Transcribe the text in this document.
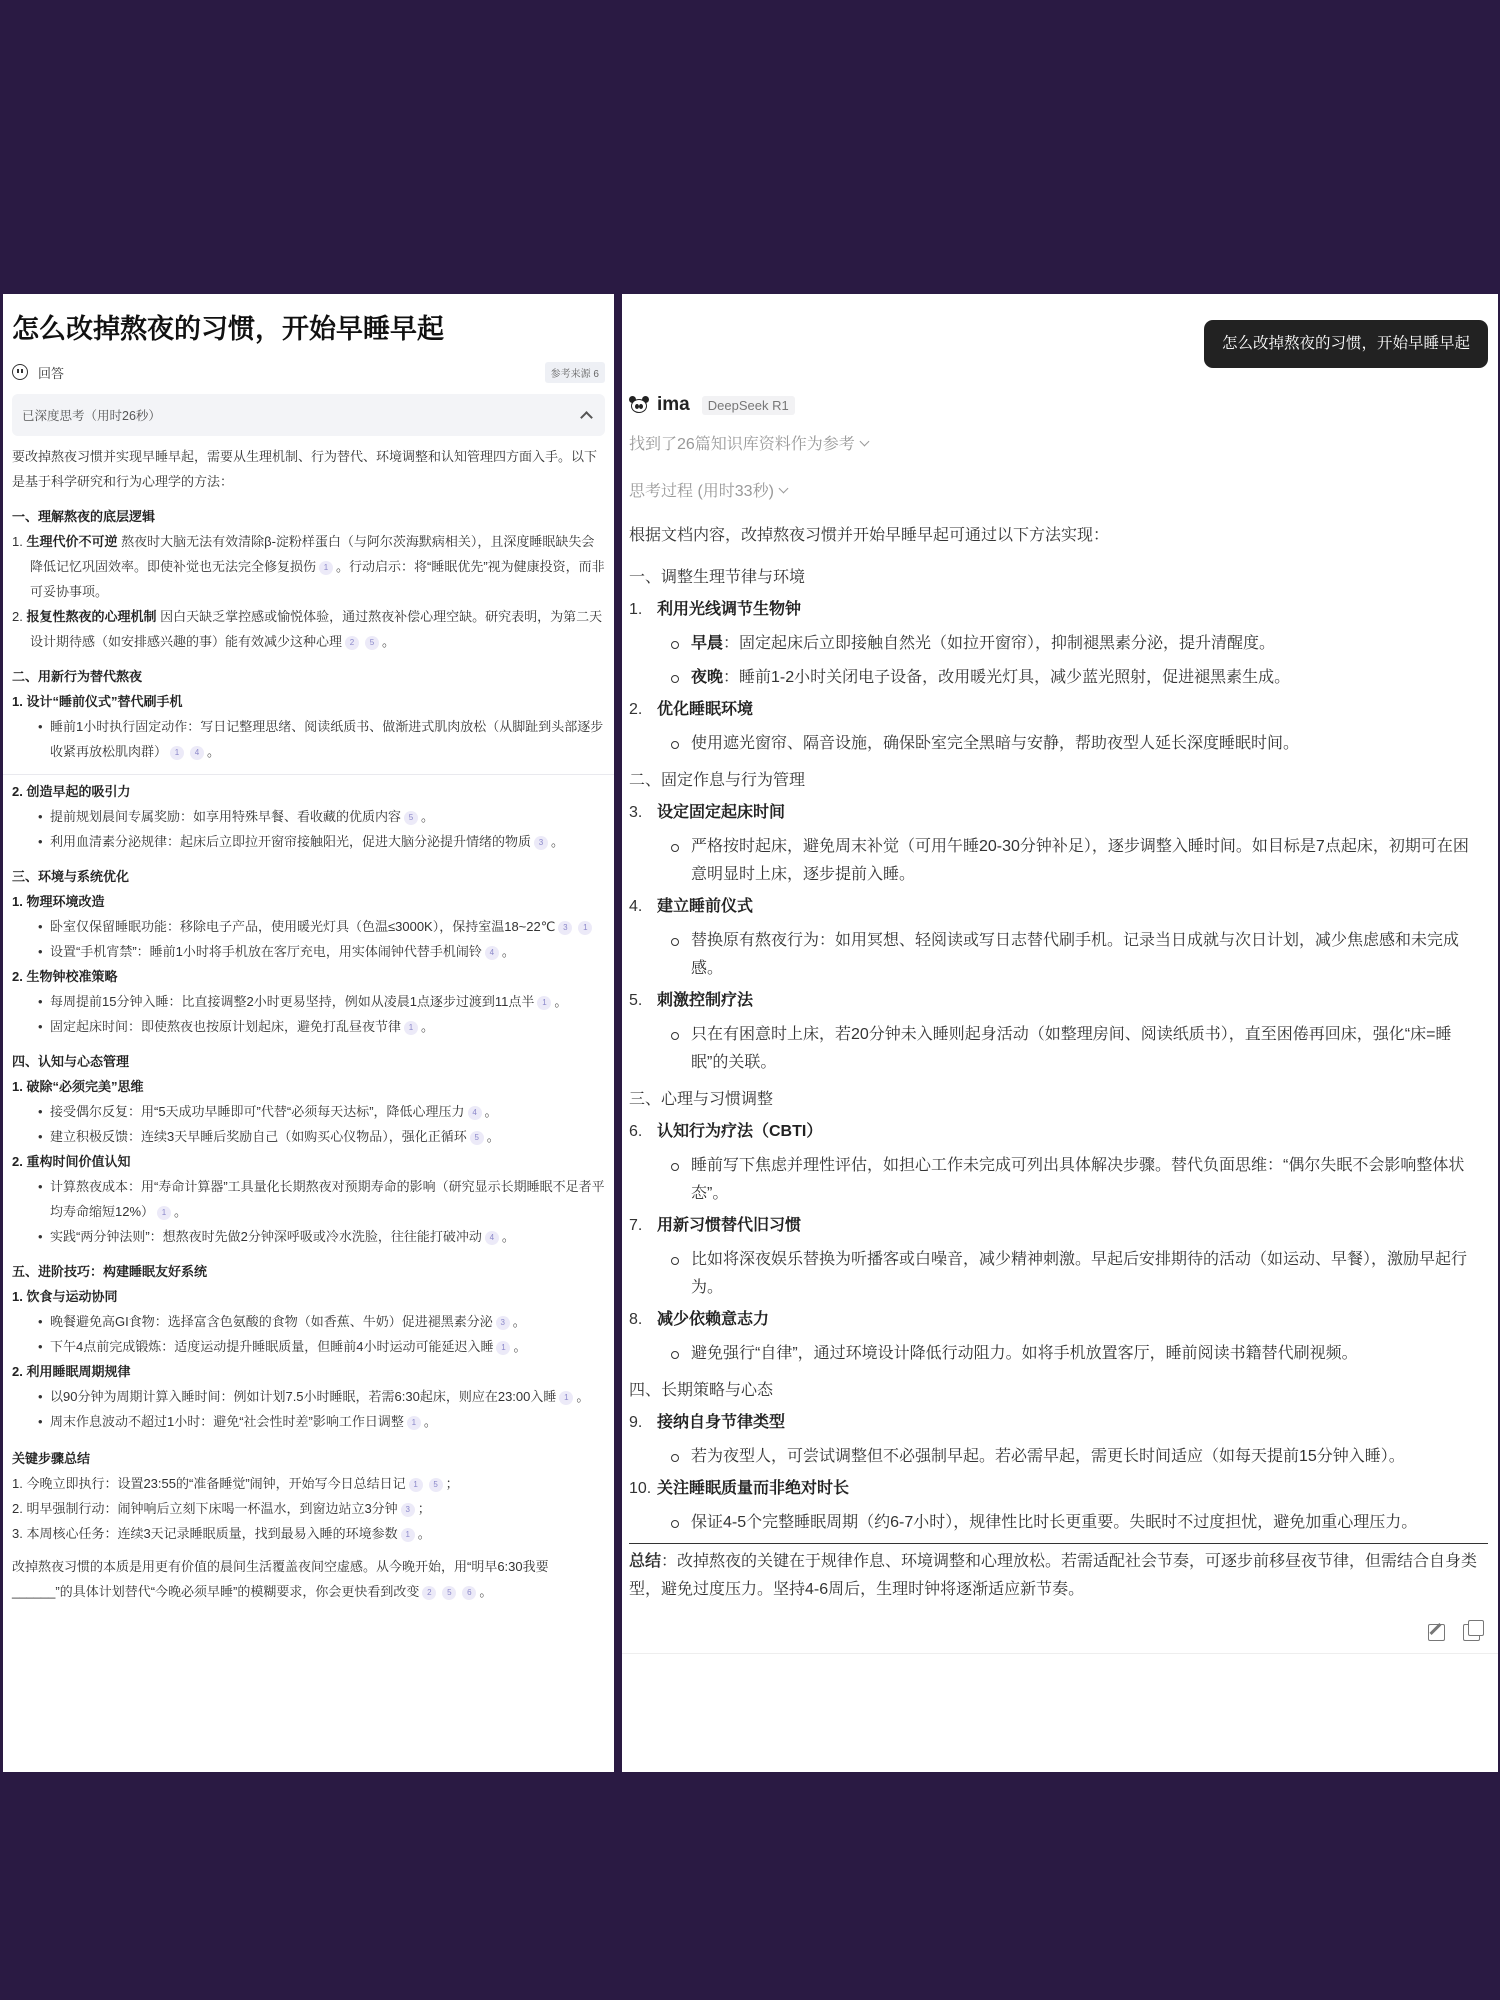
怎么改掉熬夜的习惯，开始早睡早起
回答	参考来源 6
已深度思考（用时26秒）

要改掉熬夜习惯并实现早睡早起，需要从生理机制、行为替代、环境调整和认知管理四方面入手。以下是基于科学研究和行为心理学的方法：

一、理解熬夜的底层逻辑
1. 生理代价不可逆 熬夜时大脑无法有效清除β-淀粉样蛋白（与阿尔茨海默病相关），且深度睡眠缺失会降低记忆巩固效率。即使补觉也无法完全修复损伤 1 。行动启示：将“睡眠优先”视为健康投资，而非可妥协事项。
2. 报复性熬夜的心理机制 因白天缺乏掌控感或愉悦体验，通过熬夜补偿心理空缺。研究表明，为第二天设计期待感（如安排感兴趣的事）能有效减少这种心理 2 5 。
二、用新行为替代熬夜
1. 设计“睡前仪式”替代刷手机
• 睡前1小时执行固定动作：写日记整理思绪、阅读纸质书、做渐进式肌肉放松（从脚趾到头部逐步收紧再放松肌肉群） 1 4 。
2. 创造早起的吸引力
• 提前规划晨间专属奖励：如享用特殊早餐、看收藏的优质内容 5 。
• 利用血清素分泌规律：起床后立即拉开窗帘接触阳光，促进大脑分泌提升情绪的物质 3 。
三、环境与系统优化
1. 物理环境改造
• 卧室仅保留睡眠功能：移除电子产品，使用暖光灯具（色温≤3000K），保持室温18~22℃ 3 1
• 设置“手机宵禁”：睡前1小时将手机放在客厅充电，用实体闹钟代替手机闹铃 4 。
2. 生物钟校准策略
• 每周提前15分钟入睡：比直接调整2小时更易坚持，例如从凌晨1点逐步过渡到11点半 1 。
• 固定起床时间：即使熬夜也按原计划起床，避免打乱昼夜节律 1 。
四、认知与心态管理
1. 破除“必须完美”思维
• 接受偶尔反复：用“5天成功早睡即可”代替“必须每天达标”，降低心理压力 4 。
• 建立积极反馈：连续3天早睡后奖励自己（如购买心仪物品），强化正循环 5 。
2. 重构时间价值认知
• 计算熬夜成本：用“寿命计算器”工具量化长期熬夜对预期寿命的影响（研究显示长期睡眠不足者平均寿命缩短12%） 1 。
• 实践“两分钟法则”：想熬夜时先做2分钟深呼吸或冷水洗脸，往往能打破冲动 4 。
五、进阶技巧：构建睡眠友好系统
1. 饮食与运动协同
• 晚餐避免高GI食物：选择富含色氨酸的食物（如香蕉、牛奶）促进褪黑素分泌 3 。
• 下午4点前完成锻炼：适度运动提升睡眠质量，但睡前4小时运动可能延迟入睡 1 。
2. 利用睡眠周期规律
• 以90分钟为周期计算入睡时间：例如计划7.5小时睡眠，若需6:30起床，则应在23:00入睡 1 。
• 周末作息波动不超过1小时：避免“社会性时差”影响工作日调整 1 。
关键步骤总结
1. 今晚立即执行：设置23:55的“准备睡觉”闹钟，开始写今日总结日记 1 5 ；
2. 明早强制行动：闹钟响后立刻下床喝一杯温水，到窗边站立3分钟 3 ；
3. 本周核心任务：连续3天记录睡眠质量，找到最易入睡的环境参数 1 。

改掉熬夜习惯的本质是用更有价值的晨间生活覆盖夜间空虚感。从今晚开始，用“明早6:30我要______”的具体计划替代“今晚必须早睡”的模糊要求，你会更快看到改变 2 5 6 。

怎么改掉熬夜的习惯，开始早睡早起
ima	DeepSeek R1
找到了26篇知识库资料作为参考
思考过程 (用时33秒)
根据文档内容，改掉熬夜习惯并开始早睡早起可通过以下方法实现：
一、调整生理节律与环境
1. 利用光线调节生物钟
早晨：固定起床后立即接触自然光（如拉开窗帘），抑制褪黑素分泌，提升清醒度。
夜晚：睡前1-2小时关闭电子设备，改用暖光灯具，减少蓝光照射，促进褪黑素生成。
2. 优化睡眠环境
使用遮光窗帘、隔音设施，确保卧室完全黑暗与安静，帮助夜型人延长深度睡眠时间。
二、固定作息与行为管理
3. 设定固定起床时间
严格按时起床，避免周末补觉（可用午睡20-30分钟补足），逐步调整入睡时间。如目标是7点起床，初期可在困意明显时上床，逐步提前入睡。
4. 建立睡前仪式
替换原有熬夜行为：如用冥想、轻阅读或写日志替代刷手机。记录当日成就与次日计划，减少焦虑感和未完成感。
5. 刺激控制疗法
只在有困意时上床，若20分钟未入睡则起身活动（如整理房间、阅读纸质书），直至困倦再回床，强化“床=睡眠”的关联。
三、心理与习惯调整
6. 认知行为疗法（CBTI）
睡前写下焦虑并理性评估，如担心工作未完成可列出具体解决步骤。替代负面思维：“偶尔失眠不会影响整体状态”。
7. 用新习惯替代旧习惯
比如将深夜娱乐替换为听播客或白噪音，减少精神刺激。早起后安排期待的活动（如运动、早餐），激励早起行为。
8. 减少依赖意志力
避免强行“自律”，通过环境设计降低行动阻力。如将手机放置客厅，睡前阅读书籍替代刷视频。
四、长期策略与心态
9. 接纳自身节律类型
若为夜型人，可尝试调整但不必强制早起。若必需早起，需更长时间适应（如每天提前15分钟入睡）。
10. 关注睡眠质量而非绝对时长
保证4-5个完整睡眠周期（约6-7小时），规律性比时长更重要。失眠时不过度担忧，避免加重心理压力。
总结：改掉熬夜的关键在于规律作息、环境调整和心理放松。若需适配社会节奏，可逐步前移昼夜节律，但需结合自身类型，避免过度压力。坚持4-6周后，生理时钟将逐渐适应新节奏。
